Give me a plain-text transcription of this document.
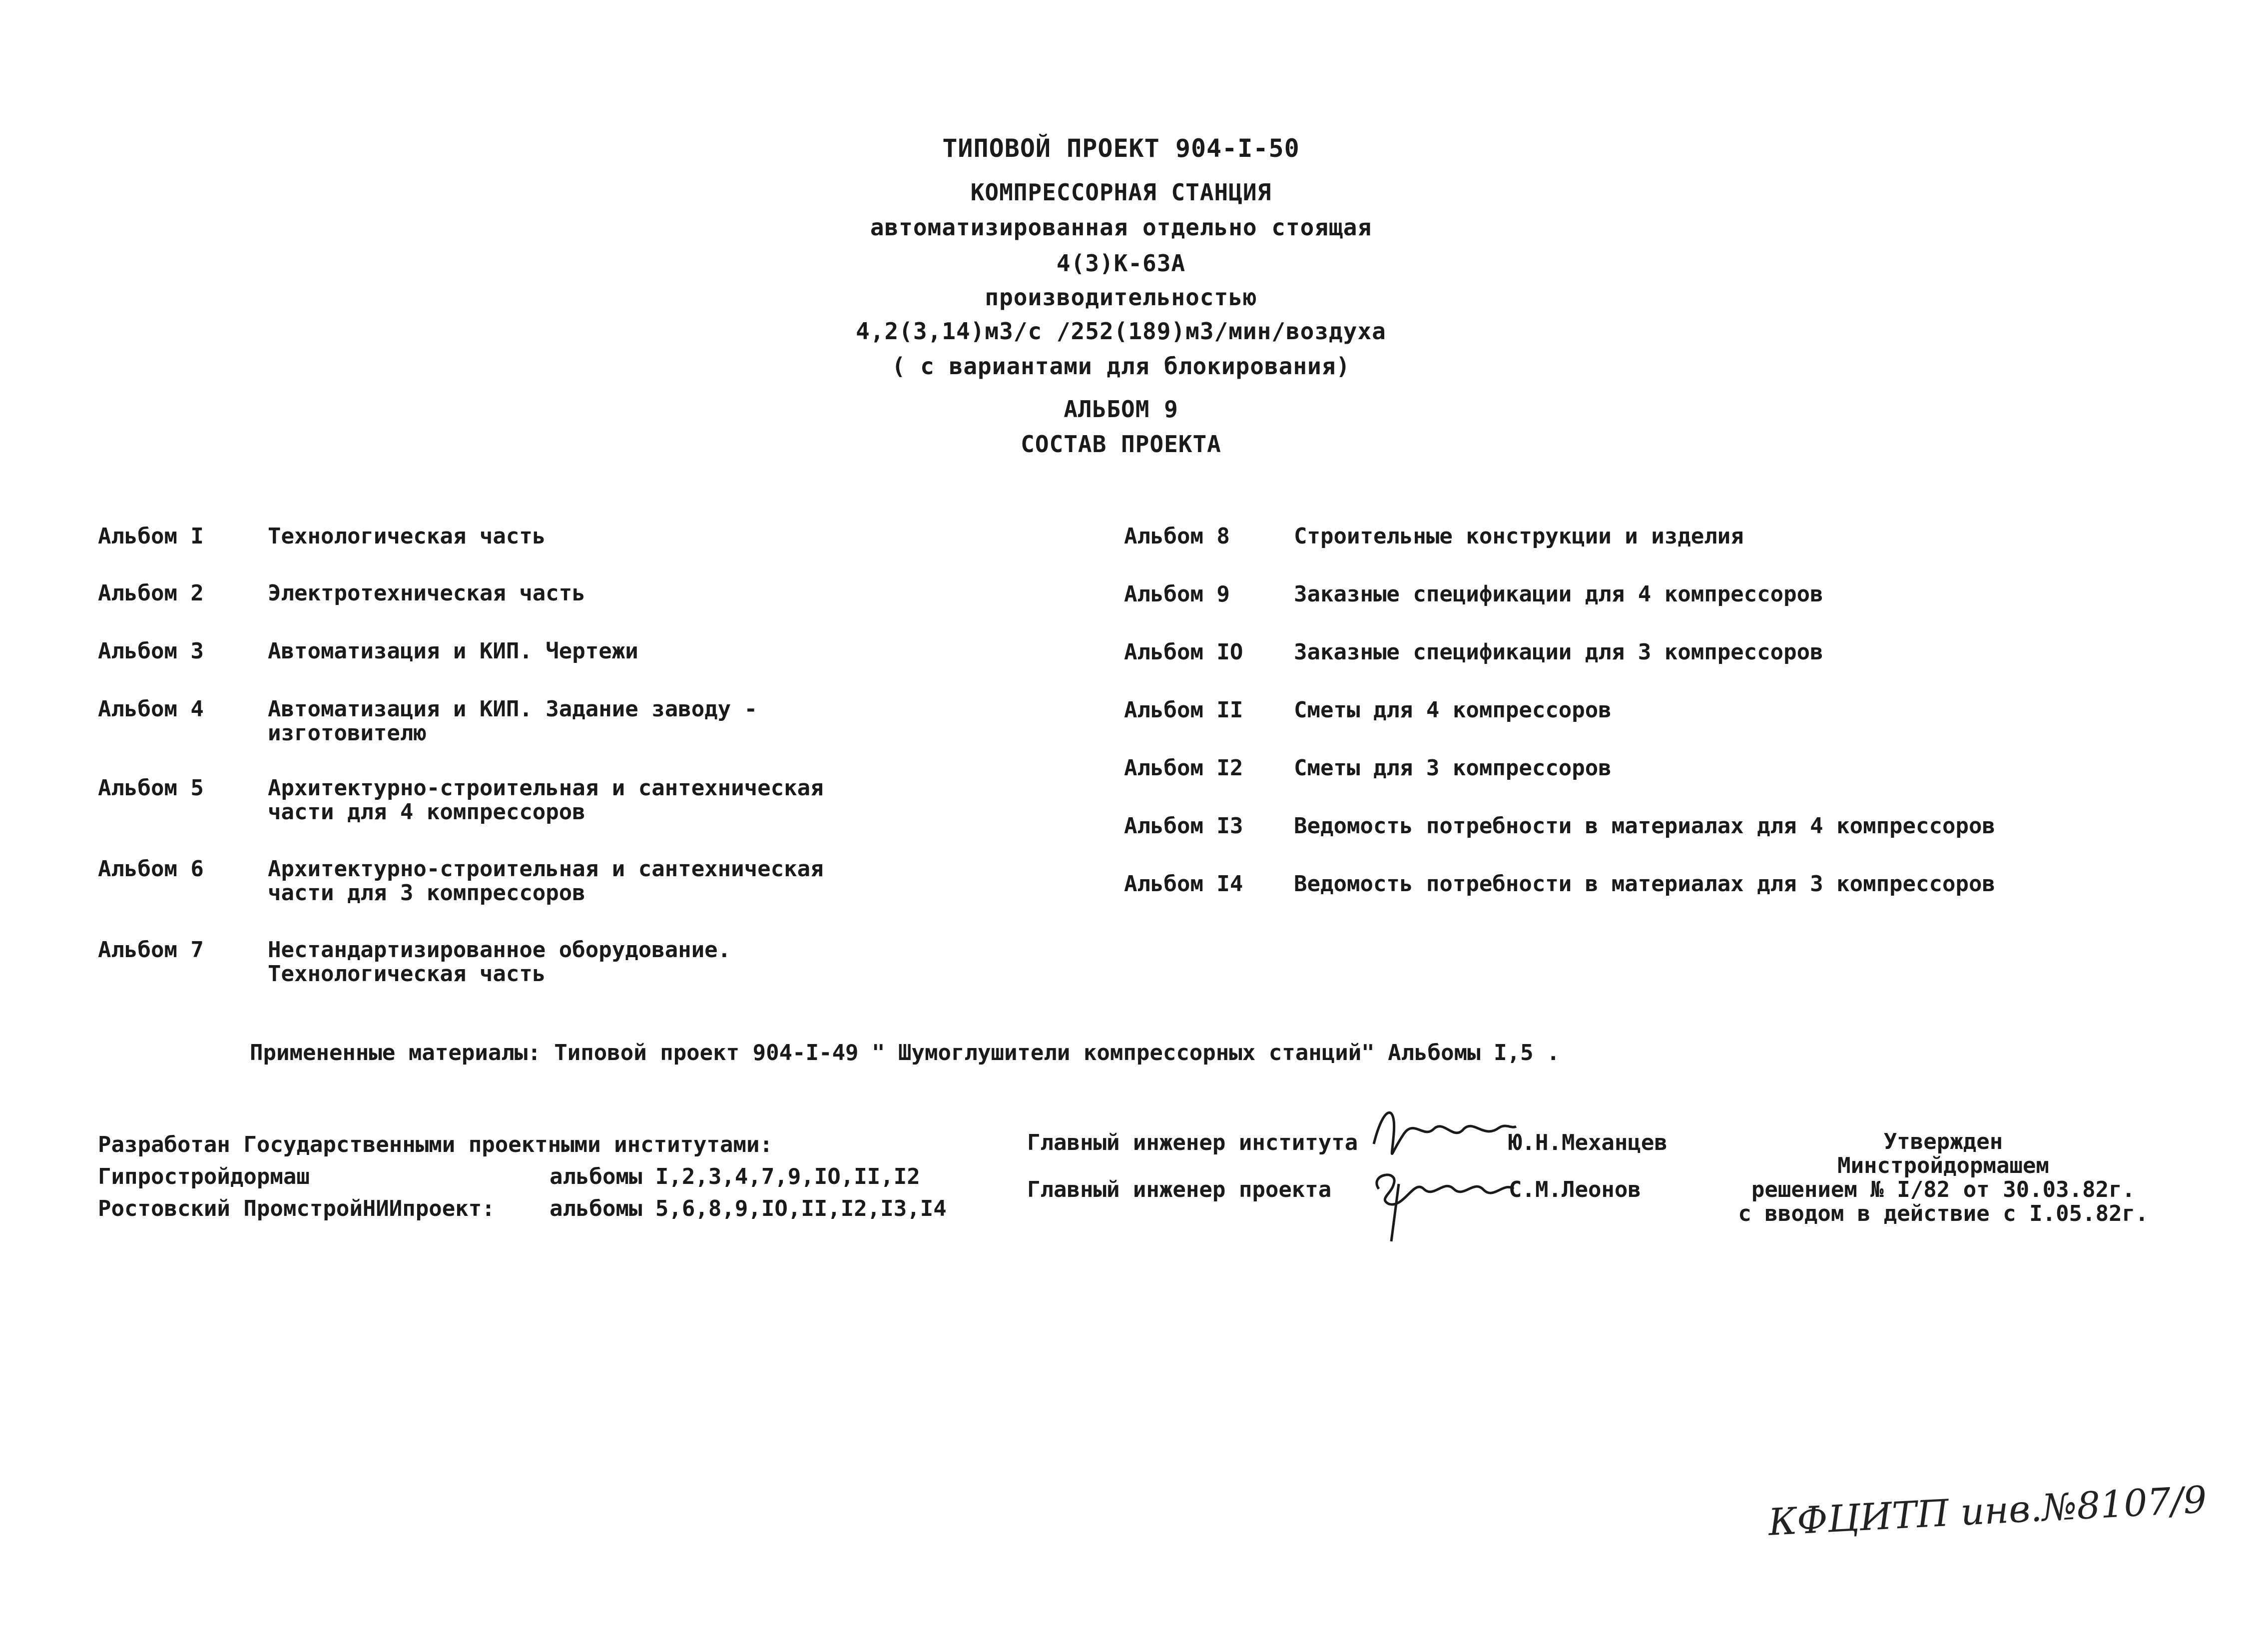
ТИПОВОЙ ПРОЕКТ 904-I-50
КОМПРЕССОРНАЯ СТАНЦИЯ
автоматизированная отдельно стоящая
4(3)К-63А
производительностью
4,2(3,14)м3/с /252(189)м3/мин/воздуха
( с вариантами для блокирования)
АЛЬБОМ 9
СОСТАВ ПРОЕКТА
Альбом I	Технологическая часть
Альбом 2	Электротехническая часть
Альбом 3	Автоматизация и КИП. Чертежи
Альбом 4	Автоматизация и КИП. Задание заводу -
изготовителю
Альбом 5	Архитектурно-строительная и сантехническая
части для 4 компрессоров
Альбом 6	Архитектурно-строительная и сантехническая
части для 3 компрессоров
Альбом 7	Нестандартизированное оборудование.
Технологическая часть
Альбом 8	Строительные конструкции и изделия
Альбом 9	Заказные спецификации для 4 компрессоров
Альбом IO Заказные спецификации для 3 компрессоров
Альбом II Сметы для 4 компрессоров
Альбом I2 Сметы для 3 компрессоров
Альбом I3 Ведомость потребности в материалах для 4 компрессоров
Альбом I4 Ведомость потребности в материалах для 3 компрессоров
Примененные материалы: Типовой проект 904-I-49 " Шумоглушители компрессорных станций" Альбомы I,5 .
Разработан Государственными проектными институтами:
Гипростройдормаш	альбомы I,2,3,4,7,9,IO,II,I2
Ростовский ПромстройНИИпроект: альбомы 5,6,8,9,IO,II,I2,I3,I4
Главный инженер института	Ю.Н.Механцев
Главный инженер проекта	С.М.Леонов
Утвержден
Минстройдормашем
решением № I/82 от 30.03.82г.
с вводом в действие с I.05.82г.
КФЦИТП инв.№8107/9
